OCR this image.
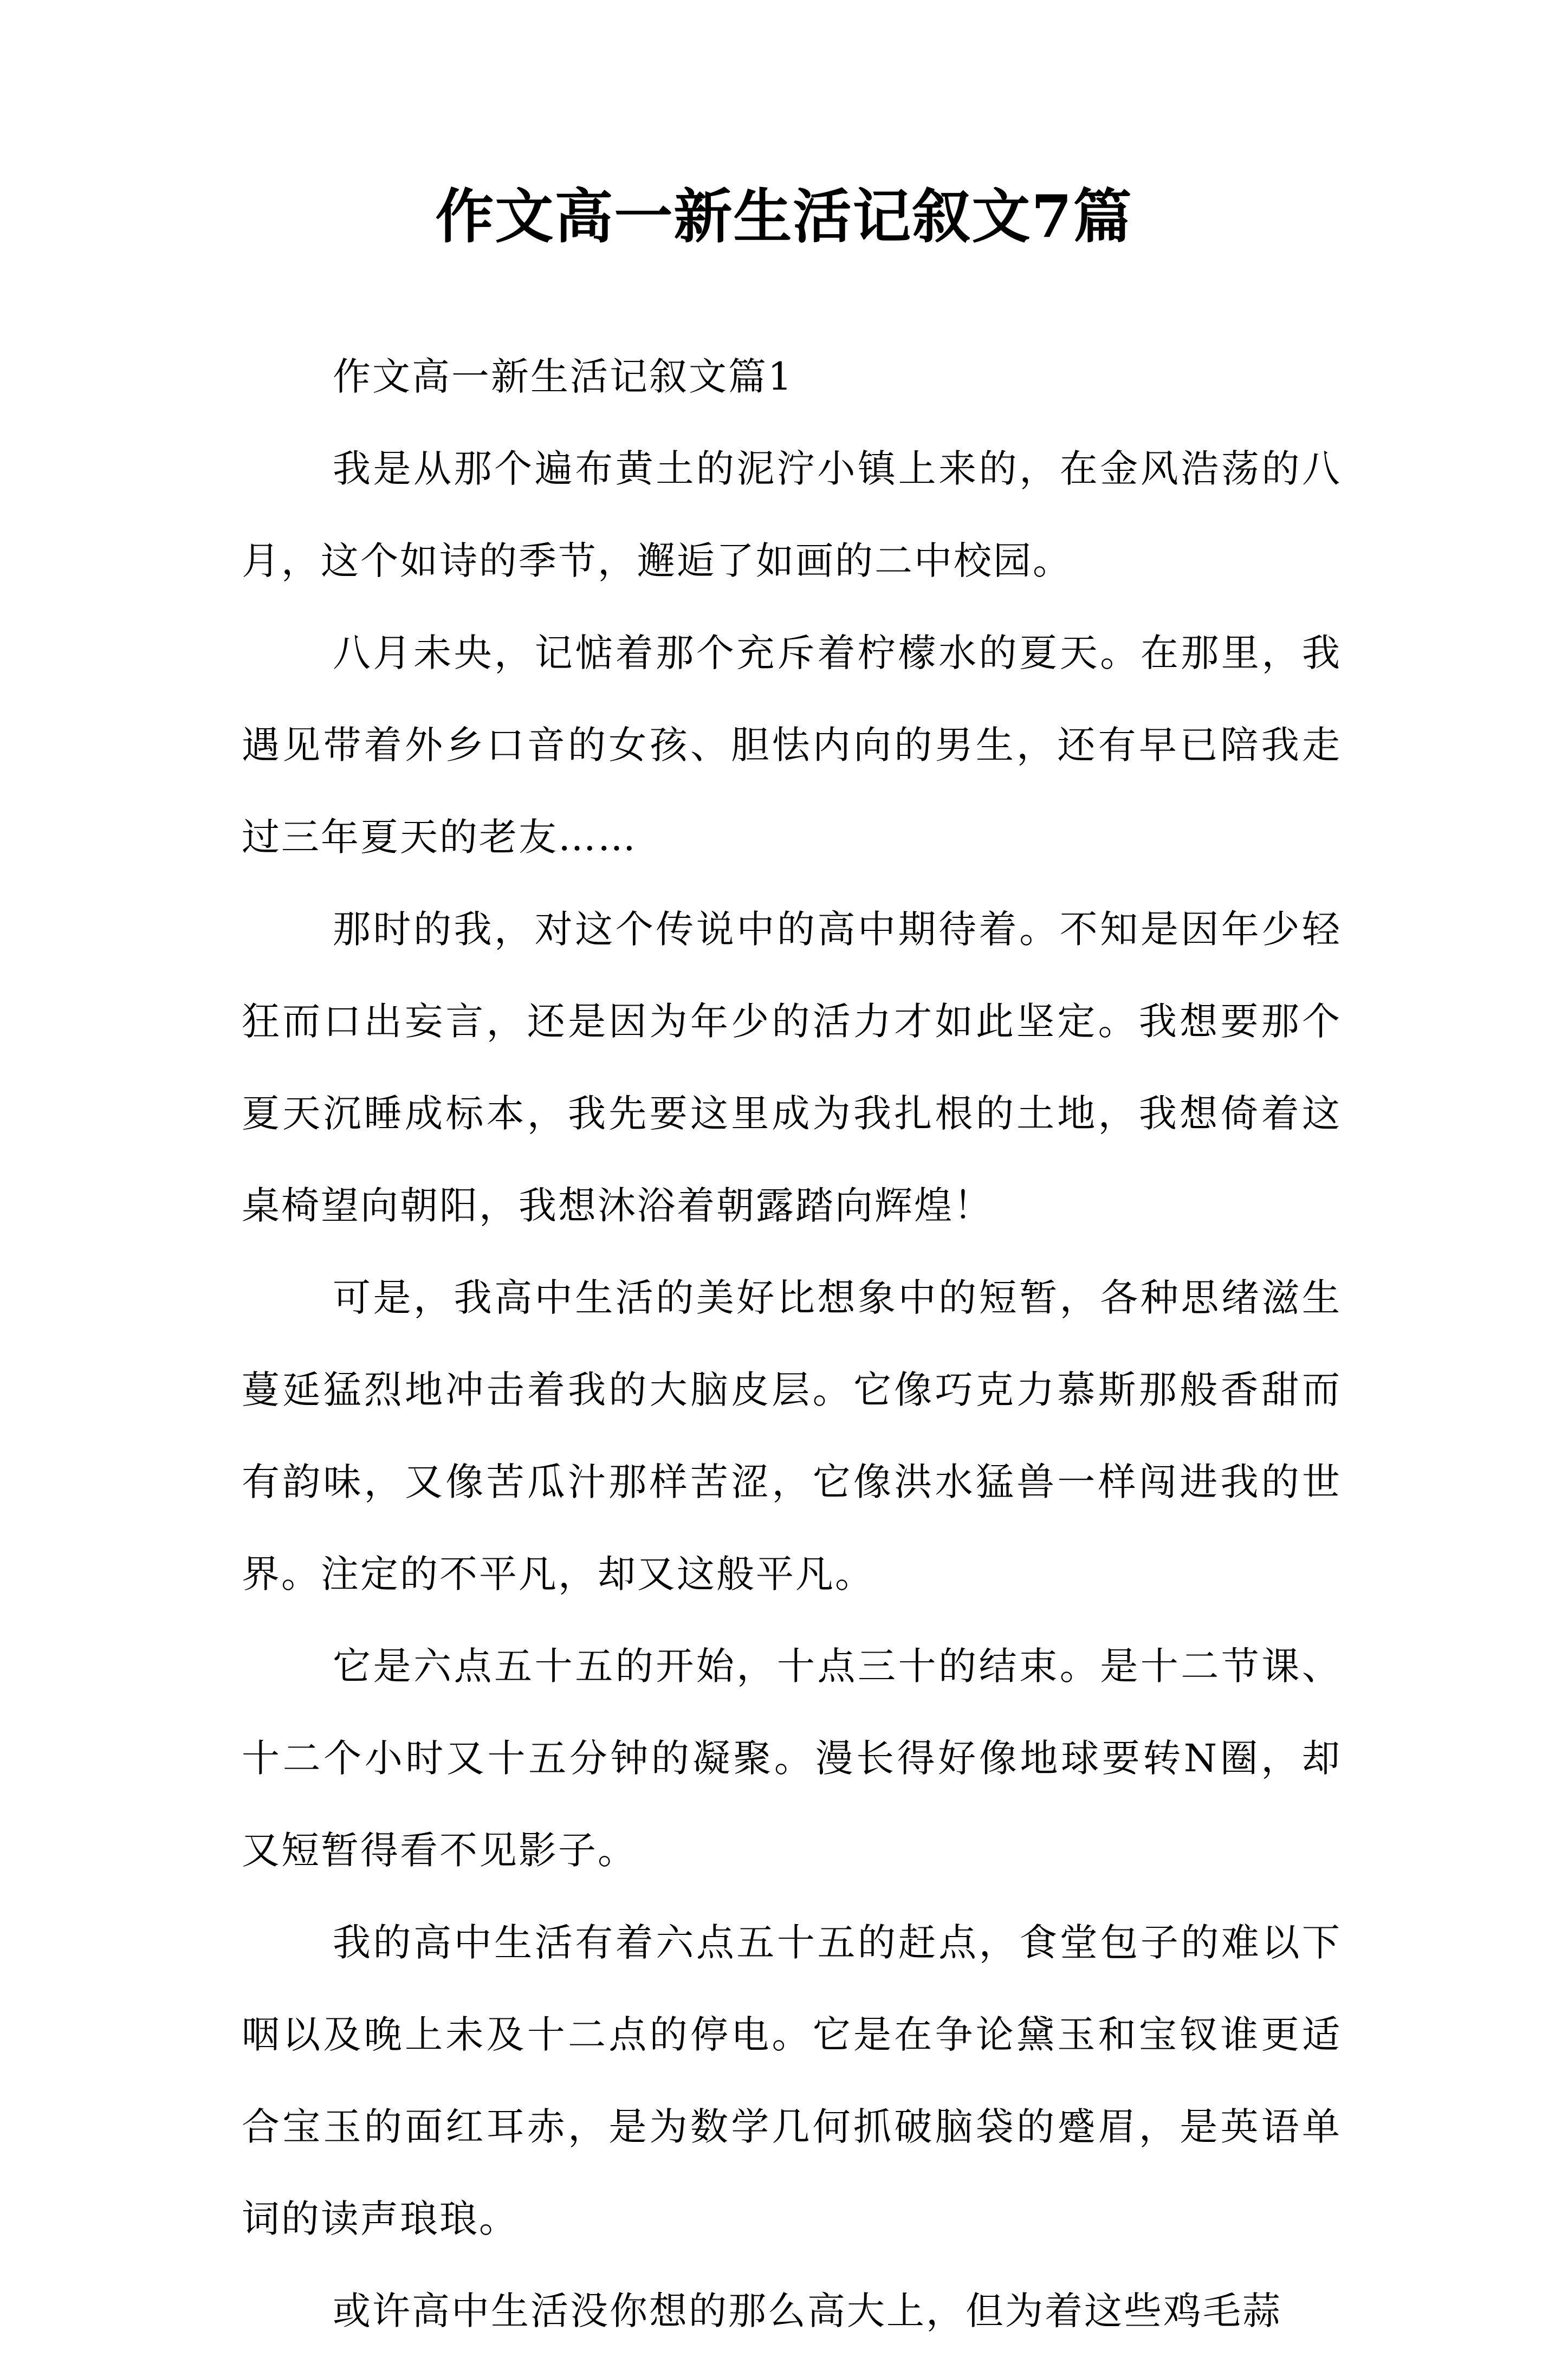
作文高一新生活记叙文7篇

作文高一新生活记叙文篇1

我是从那个遍布黄土的泥泞小镇上来的，在金风浩荡的八月，这个如诗的季节，邂逅了如画的二中校园。

八月未央，记惦着那个充斥着柠檬水的夏天。在那里，我遇见带着外乡口音的女孩、胆怯内向的男生，还有早已陪我走过三年夏天的老友……

那时的我，对这个传说中的高中期待着。不知是因年少轻狂而口出妄言，还是因为年少的活力才如此坚定。我想要那个夏天沉睡成标本，我先要这里成为我扎根的土地，我想倚着这桌椅望向朝阳，我想沐浴着朝露踏向辉煌！

可是，我高中生活的美好比想象中的短暂，各种思绪滋生蔓延猛烈地冲击着我的大脑皮层。它像巧克力慕斯那般香甜而有韵味，又像苦瓜汁那样苦涩，它像洪水猛兽一样闯进我的世界。注定的不平凡，却又这般平凡。

它是六点五十五的开始，十点三十的结束。是十二节课、十二个小时又十五分钟的凝聚。漫长得好像地球要转N圈，却又短暂得看不见影子。

我的高中生活有着六点五十五的赶点，食堂包子的难以下咽以及晚上未及十二点的停电。它是在争论黛玉和宝钗谁更适合宝玉的面红耳赤，是为数学几何抓破脑袋的蹙眉，是英语单词的读声琅琅。

或许高中生活没你想的那么高大上，但为着这些鸡毛蒜
